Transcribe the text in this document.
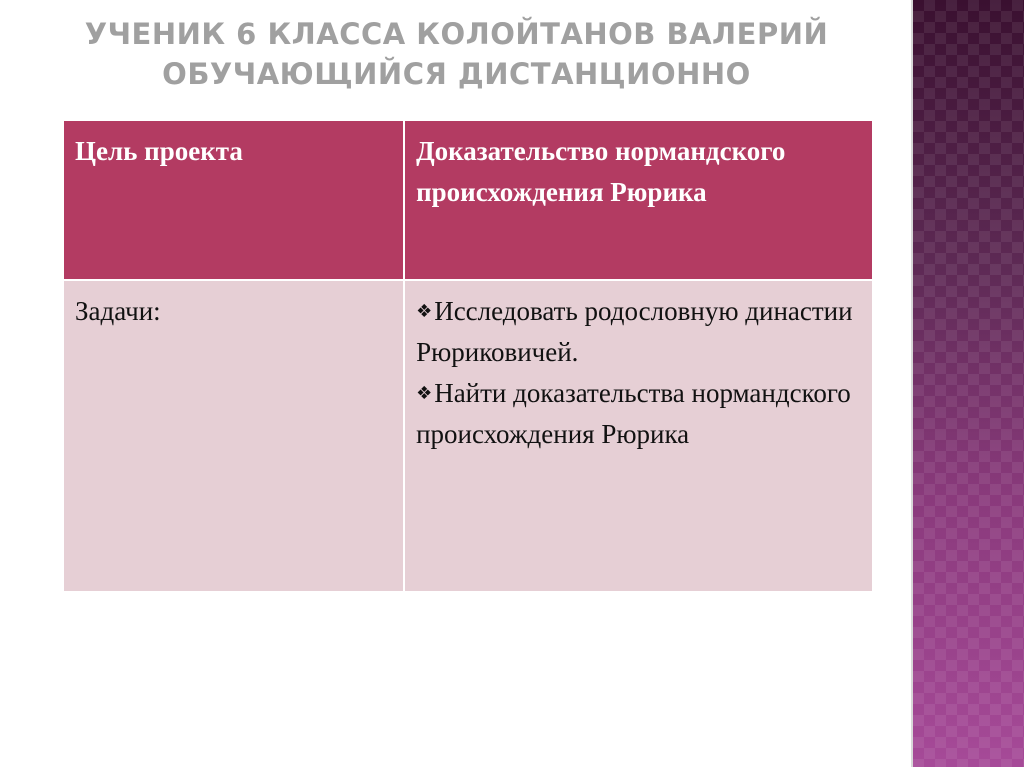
УЧЕНИК 6 КЛАССА КОЛОЙТАНОВ ВАЛЕРИЙ
ОБУЧАЮЩИЙСЯ ДИСТАНЦИОННО
Цель проекта	Доказательство нормандского происхождения Рюрика
Задачи:	❖Исследовать родословную династии Рюриковичей.
❖Найти доказательства нормандского происхождения Рюрика
